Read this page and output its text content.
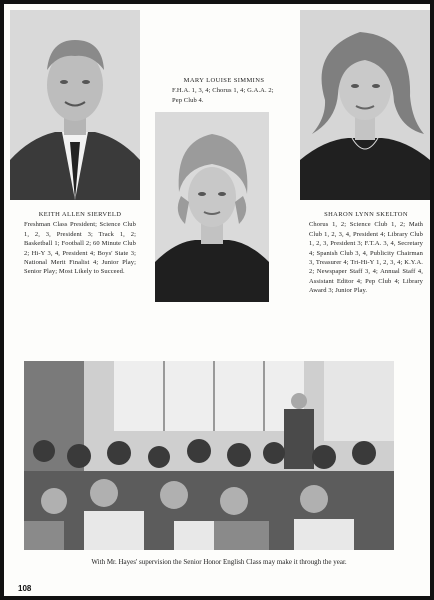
KEITH ALLEN SIERVELD
Freshman Class President; Science Club 1, 2, 3, President 3; Track 1, 2; Basketball 1; Football 2; 60 Minute Club 2; Hi-Y 3, 4, President 4; Boys' State 3; National Merit Finalist 4; Junior Play; Senior Play; Most Likely to Succeed.
MARY LOUISE SIMMINS
F.H.A. 1, 3, 4; Chorus 1, 4; G.A.A. 2; Pep Club 4.
SHARON LYNN SKELTON
Chorus 1, 2; Science Club 1, 2; Math Club 1, 2, 3, 4, President 4; Library Club 1, 2, 3, President 3; F.T.A. 3, 4, Secretary 4; Spanish Club 3, 4, Publicity Chairman 3, Treasurer 4; Tri-Hi-Y 1, 2, 3, 4; K.Y.A. 2; Newspaper Staff 3, 4; Annual Staff 4, Assistant Editor 4; Pep Club 4; Library Award 3; Junior Play.
With Mr. Hayes' supervision the Senior Honor English Class may make it through the year.
108
